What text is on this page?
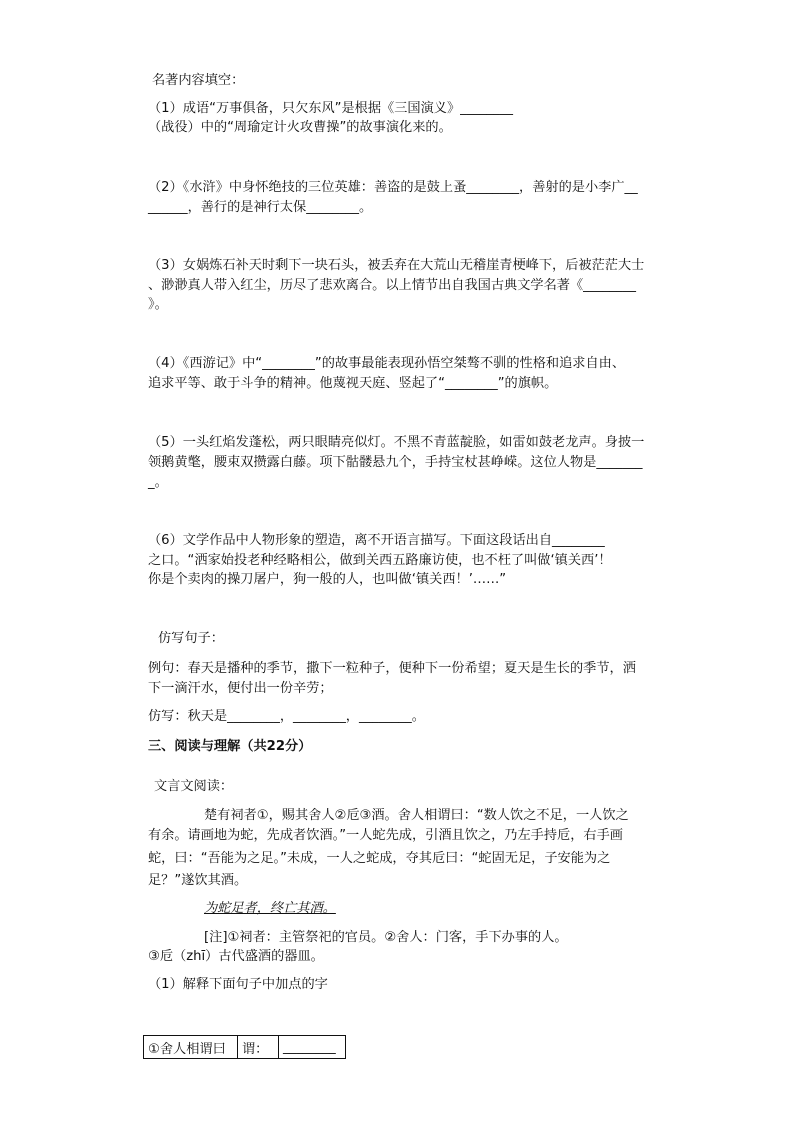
名著内容填空：
（1）成语“万事俱备，只欠东风”是根据《三国演义》________
（战役）中的“周瑜定计火攻曹操”的故事演化来的。
（2）《水浒》中身怀绝技的三位英雄：善盗的是鼓上蚤________，善射的是小李广__
______，善行的是神行太保________。
（3）女娲炼石补天时剩下一块石头，被丢弃在大荒山无稽崖青梗峰下，后被茫茫大士
、渺渺真人带入红尘，历尽了悲欢离合。以上情节出自我国古典文学名著《________
》。
（4）《西游记》中“________”的故事最能表现孙悟空桀骜不驯的性格和追求自由、
追求平等、敢于斗争的精神。他蔑视天庭、竖起了“________”的旗帜。
（5）一头红焰发蓬松，两只眼睛亮似灯。不黑不青蓝靛脸，如雷如鼓老龙声。身披一
领鹅黄氅，腰束双攒露白藤。项下骷髅悬九个，手持宝杖甚峥嵘。这位人物是_______
_。
（6）文学作品中人物形象的塑造，离不开语言描写。下面这段话出自________
之口。“洒家始投老种经略相公，做到关西五路廉访使，也不枉了叫做‘镇关西’！
你是个卖肉的操刀屠户，狗一般的人，也叫做‘镇关西！’……”
仿写句子：
例句：春天是播种的季节，撒下一粒种子，便种下一份希望；夏天是生长的季节，洒
下一滴汗水，便付出一份辛劳；
仿写：秋天是________，________，________。
三、阅读与理解（共22分）
文言文阅读：
楚有祠者①，赐其舍人②卮③酒。舍人相谓曰：“数人饮之不足，一人饮之
有余。请画地为蛇，先成者饮酒。”一人蛇先成，引酒且饮之，乃左手持卮，右手画
蛇，曰：“吾能为之足。”未成，一人之蛇成，夺其卮曰：“蛇固无足，子安能为之
足？”遂饮其酒。
为蛇足者，终亡其酒。
[注]①祠者：主管祭祀的官员。②舍人：门客，手下办事的人。
③卮（zhī）古代盛酒的器皿。
（1）解释下面句子中加点的字
①舍人相谓曰	谓：	________
